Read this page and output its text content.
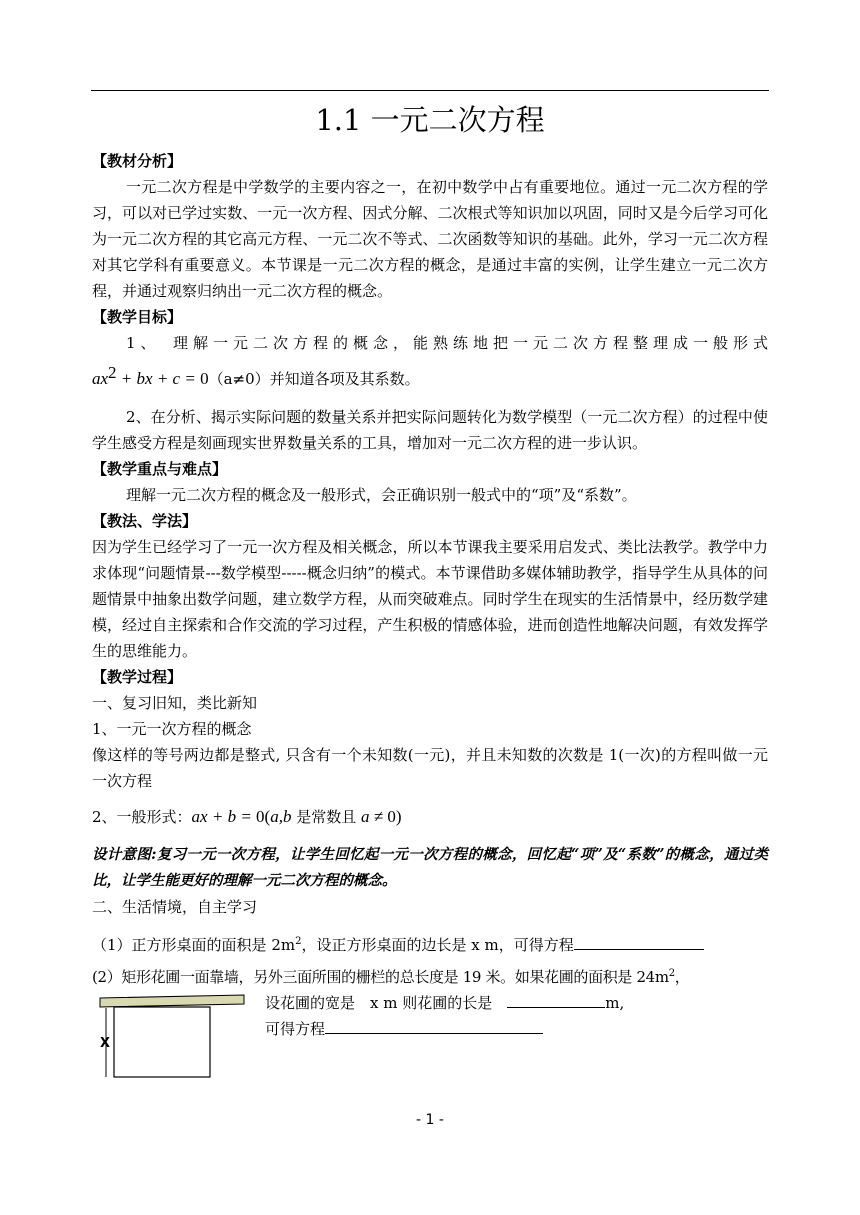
1.1 一元二次方程
【教材分析】
一元二次方程是中学数学的主要内容之一，在初中数学中占有重要地位。通过一元二次方程的学习，可以对已学过实数、一元一次方程、因式分解、二次根式等知识加以巩固，同时又是今后学习可化为一元二次方程的其它高元方程、一元二次不等式、二次函数等知识的基础。此外，学习一元二次方程对其它学科有重要意义。本节课是一元二次方程的概念，是通过丰富的实例，让学生建立一元二次方程，并通过观察归纳出一元二次方程的概念。
【教学目标】
1、　理解一元二次方程的概念，能熟练地把一元二次方程整理成一般形式
$ax^2$ + bx + c = 0（a≠0）并知道各项及其系数。
2、在分析、揭示实际问题的数量关系并把实际问题转化为数学模型（一元二次方程）的过程中使学生感受方程是刻画现实世界数量关系的工具，增加对一元二次方程的进一步认识。
【教学重点与难点】
理解一元二次方程的概念及一般形式，会正确识别一般式中的“项”及“系数”。
【教法、学法】
因为学生已经学习了一元一次方程及相关概念，所以本节课我主要采用启发式、类比法教学。教学中力求体现“问题情景---数学模型-----概念归纳”的模式。本节课借助多媒体辅助教学，指导学生从具体的问题情景中抽象出数学问题，建立数学方程，从而突破难点。同时学生在现实的生活情景中，经历数学建模，经过自主探索和合作交流的学习过程，产生积极的情感体验，进而创造性地解决问题，有效发挥学生的思维能力。
【教学过程】
一、复习旧知，类比新知
1、一元一次方程的概念
像这样的等号两边都是整式, 只含有一个未知数(一元)，并且未知数的次数是 1(一次)的方程叫做一元一次方程
2、一般形式：ax + b = 0(a,b 是常数且 a ≠ 0)
设计意图:复习一元一次方程，让学生回忆起一元一次方程的概念，回忆起“项”及“系数”的概念，通过类比，让学生能更好的理解一元二次方程的概念。
二、生活情境，自主学习
（1）正方形桌面的面积是 $2m^2$，设正方形桌面的边长是 x m，可得方程
(2）矩形花圃一面靠墙，另外三面所围的栅栏的总长度是 19 米。如果花圃的面积是 $24m^2$，
X
设花圃的宽是　x m 则花圃的长是　	m,
可得方程
- 1 -
